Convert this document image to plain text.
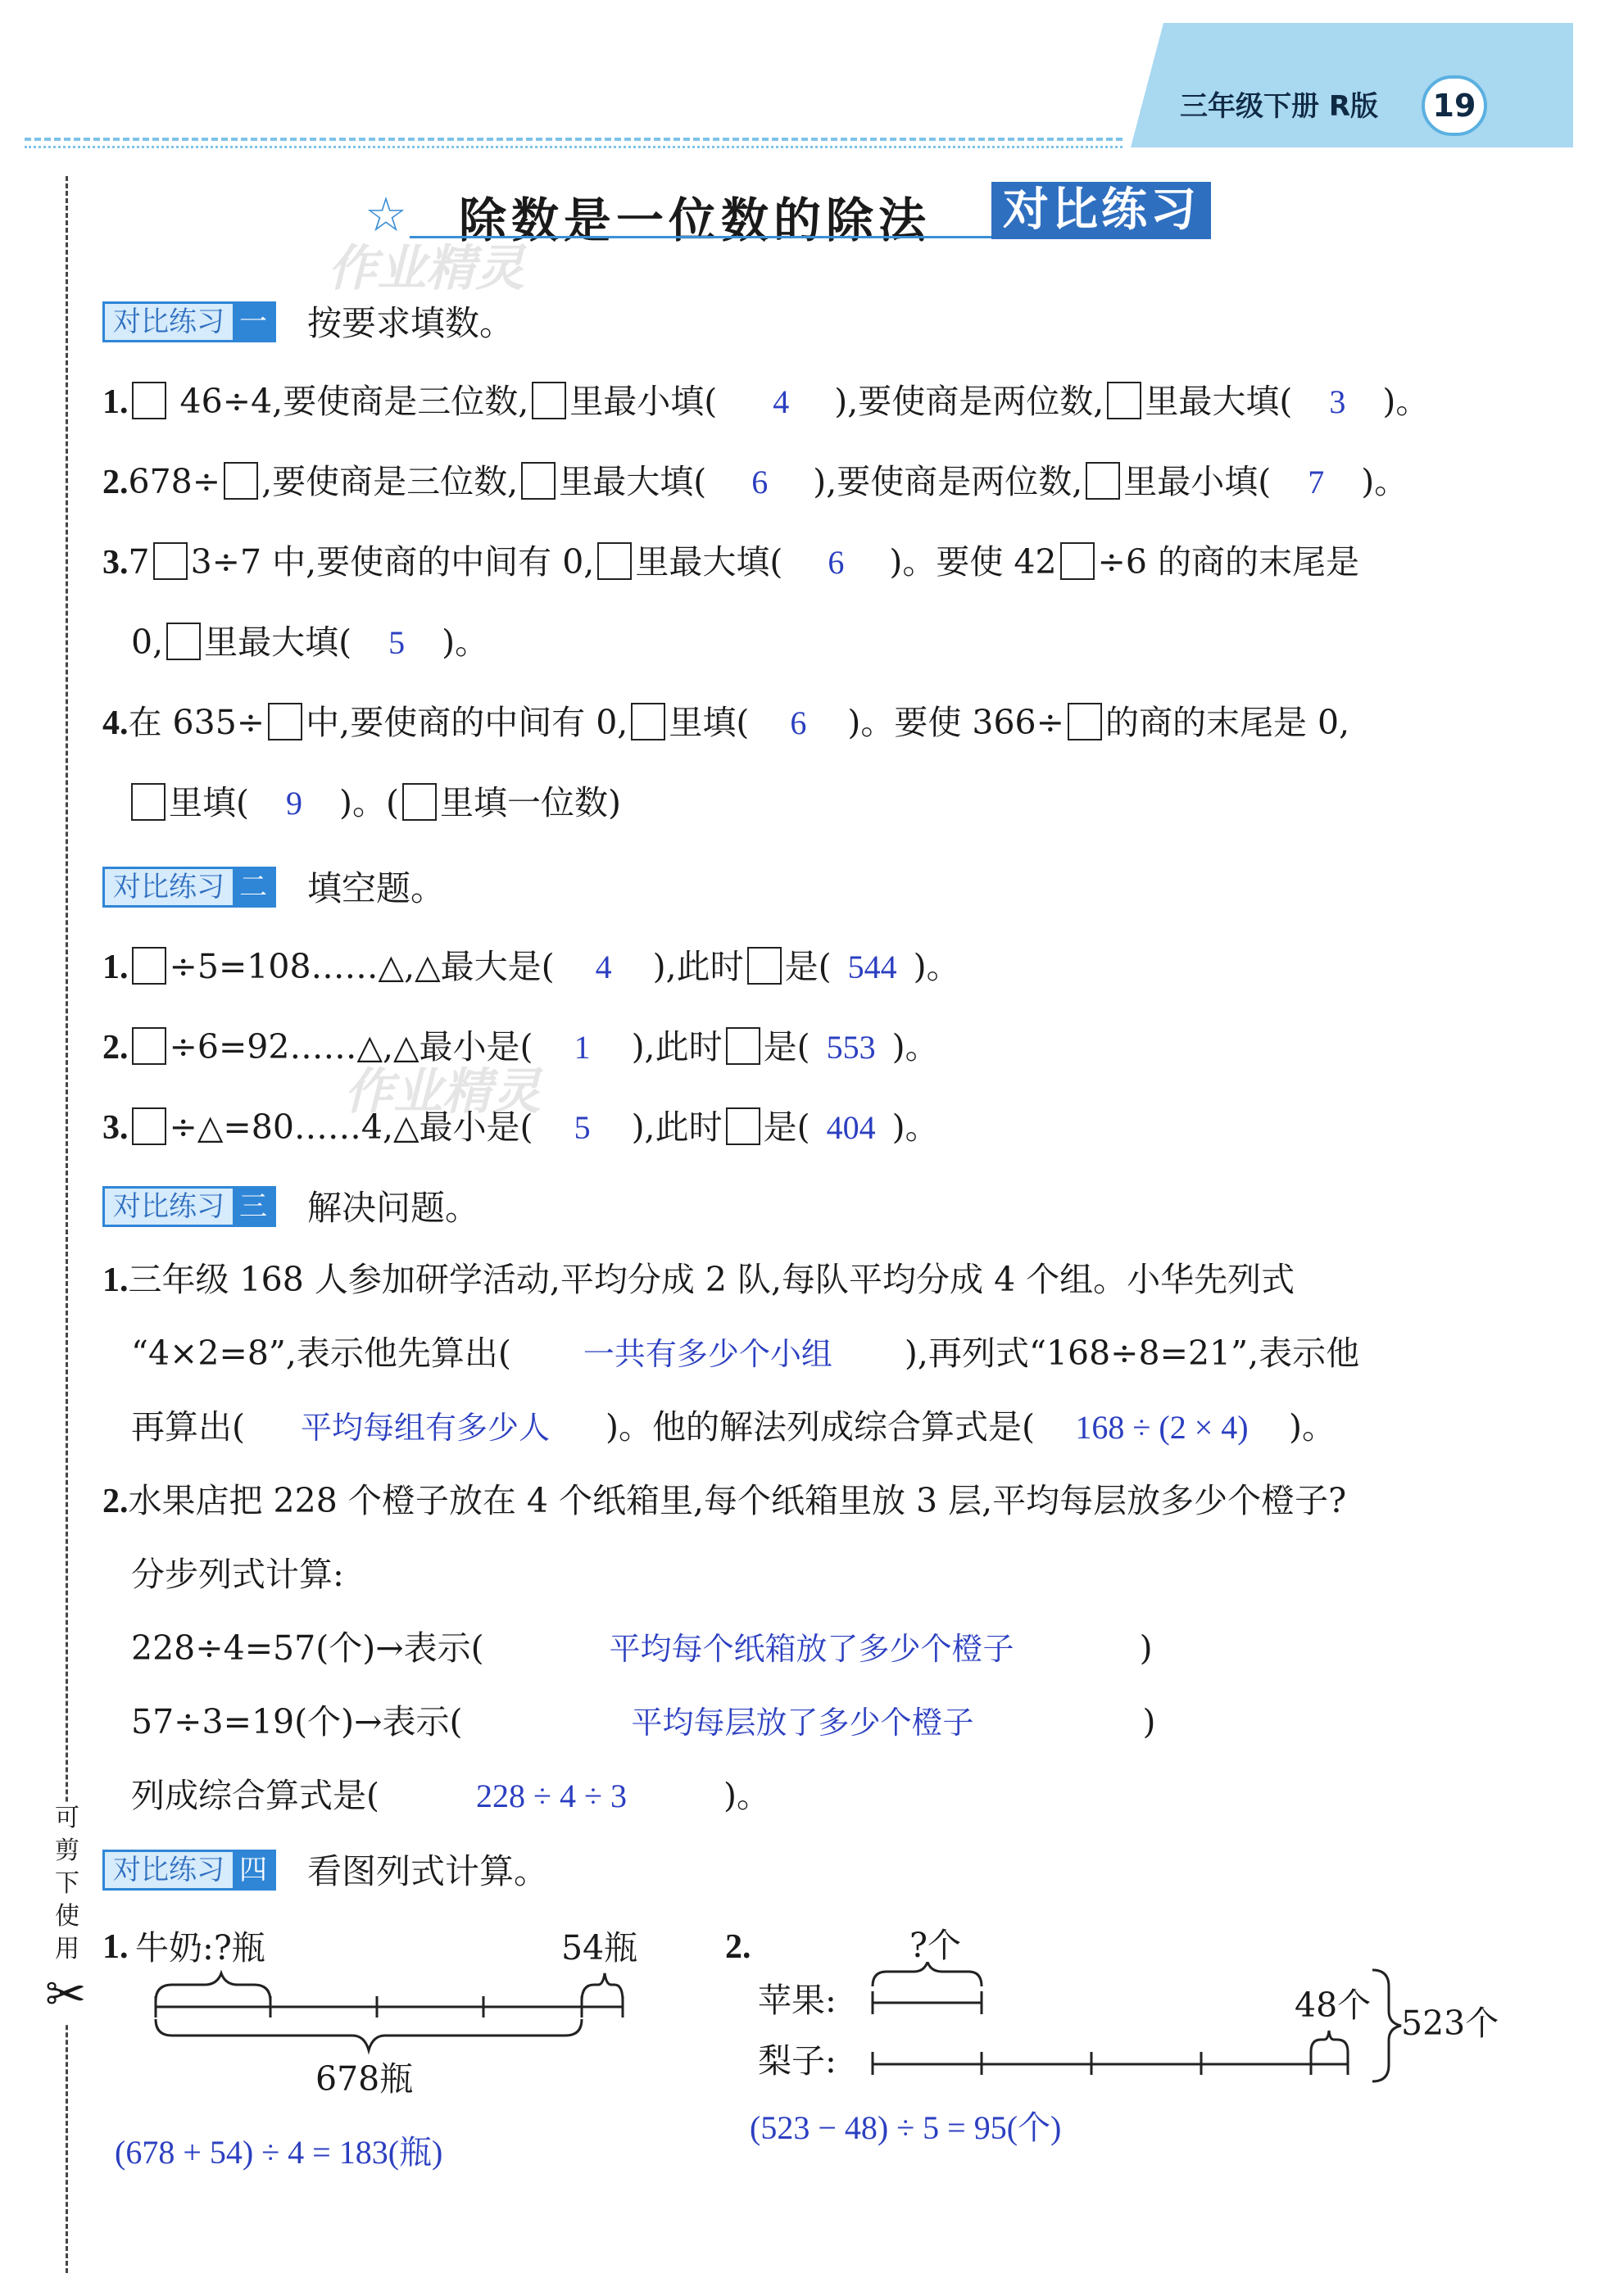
三年级下册 R版	19
☆ 除数是一位数的除法 对比练习
作业精灵
作业精灵
可剪下使用
✂
对比练习 一 按要求填数。
1. 46÷4,要使商是三位数, 里最小填( 4 ),要使商是两位数, 里最大填( 3 )。
2.678÷ ,要使商是三位数, 里最大填( 6 ),要使商是两位数, 里最小填( 7 )。
3.7 3÷7 中,要使商的中间有 0, 里最大填( 6 )。要使 42 ÷6 的商的末尾是
0, 里最大填( 5 )。
4.在 635÷ 中,要使商的中间有 0, 里填( 6 )。要使 366÷ 的商的末尾是 0,
里填( 9 )。( 里填一位数)
对比练习 二 填空题。
1. ÷5=108……△,△最大是( 4 ),此时 是( 544 )。
2. ÷6=92……△,△最小是( 1 ),此时 是( 553 )。
3. ÷△=80……4,△最小是( 5 ),此时 是( 404 )。
对比练习 三 解决问题。
1.三年级 168 人参加研学活动,平均分成 2 队,每队平均分成 4 个组。小华先列式
“4×2=8”,表示他先算出( 一共有多少个小组 ),再列式“168÷8=21”,表示他
再算出( 平均每组有多少人 )。他的解法列成综合算式是( 168 ÷ (2 × 4) )。
2.水果店把 228 个橙子放在 4 个纸箱里,每个纸箱里放 3 层,平均每层放多少个橙子?
分步列式计算:
228÷4=57(个)→表示(	平均每个纸箱放了多少个橙子	)
57÷3=19(个)→表示(	平均每层放了多少个橙子	)
列成综合算式是(	228 ÷ 4 ÷ 3	)。
对比练习 四 看图列式计算。
1. 牛奶:?瓶	54瓶
678瓶
(678 + 54) ÷ 4 = 183(瓶)
2.	?个
苹果:
梨子:
48个 523个
(523 − 48) ÷ 5 = 95(个)
